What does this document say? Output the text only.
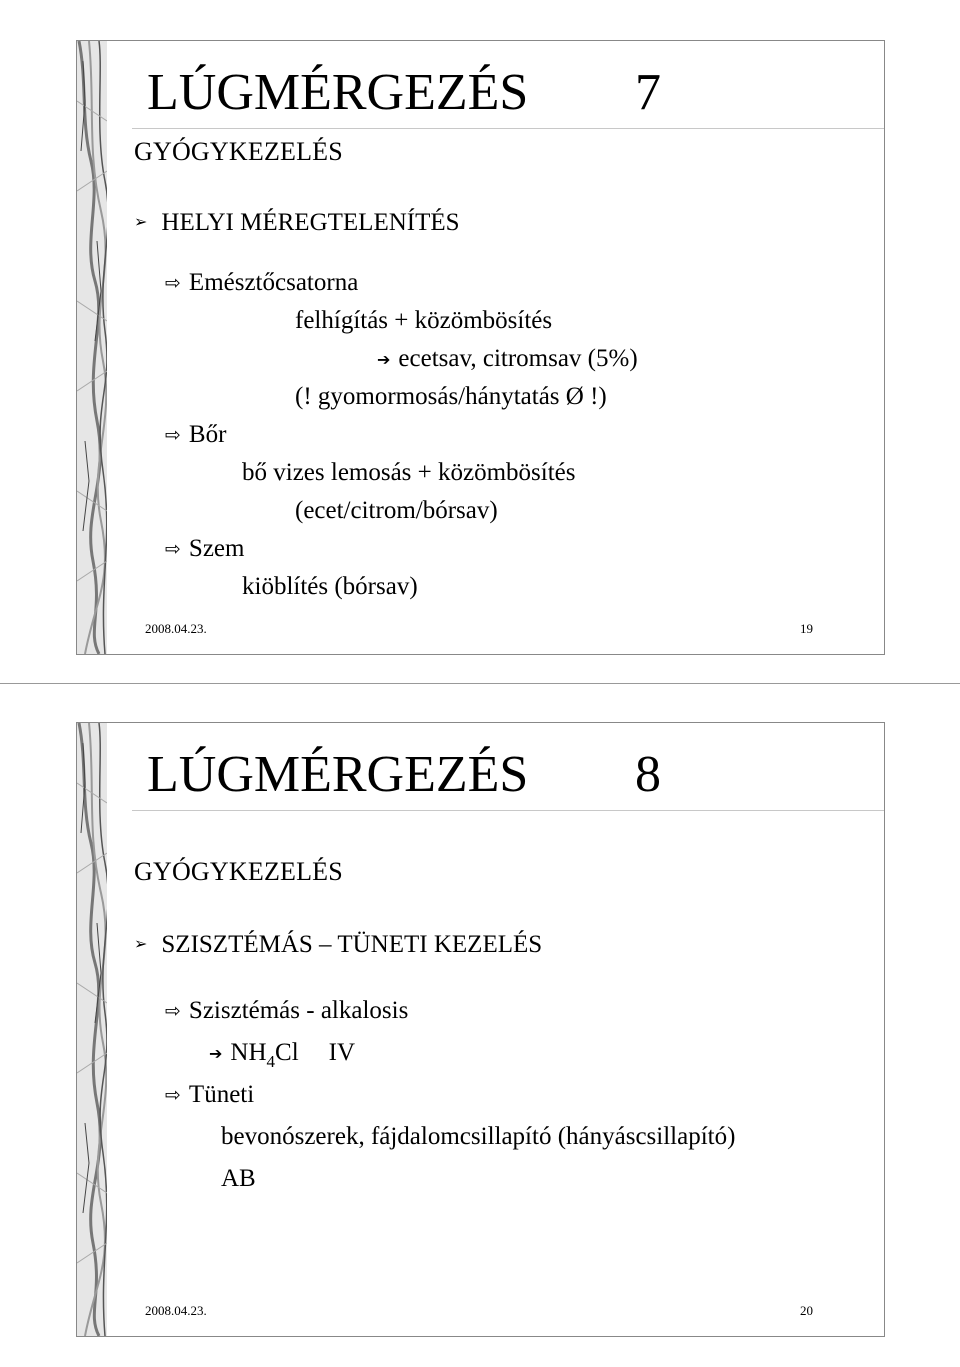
LÚGMÉRGEZÉS 7
GYÓGYKEZELÉS
➢ HELYI MÉREGTELENÍTÉS
⇨ Emésztőcsatorna
felhígítás + közömbösítés
➔ ecetsav, citromsav (5%)
(! gyomormosás/hánytatás Ø !)
⇨ Bőr
bő vizes lemosás + közömbösítés
(ecet/citrom/bórsav)
⇨ Szem
kiöblítés (bórsav)
2008.04.23.	19
LÚGMÉRGEZÉS 8
GYÓGYKEZELÉS
➢ SZISZTÉMÁS – TÜNETI KEZELÉS
⇨ Szisztémás - alkalosis
➔ $NH_4Cl$ IV
⇨ Tüneti
bevonószerek, fájdalomcsillapító (hányáscsillapító)
AB
2008.04.23.	20
